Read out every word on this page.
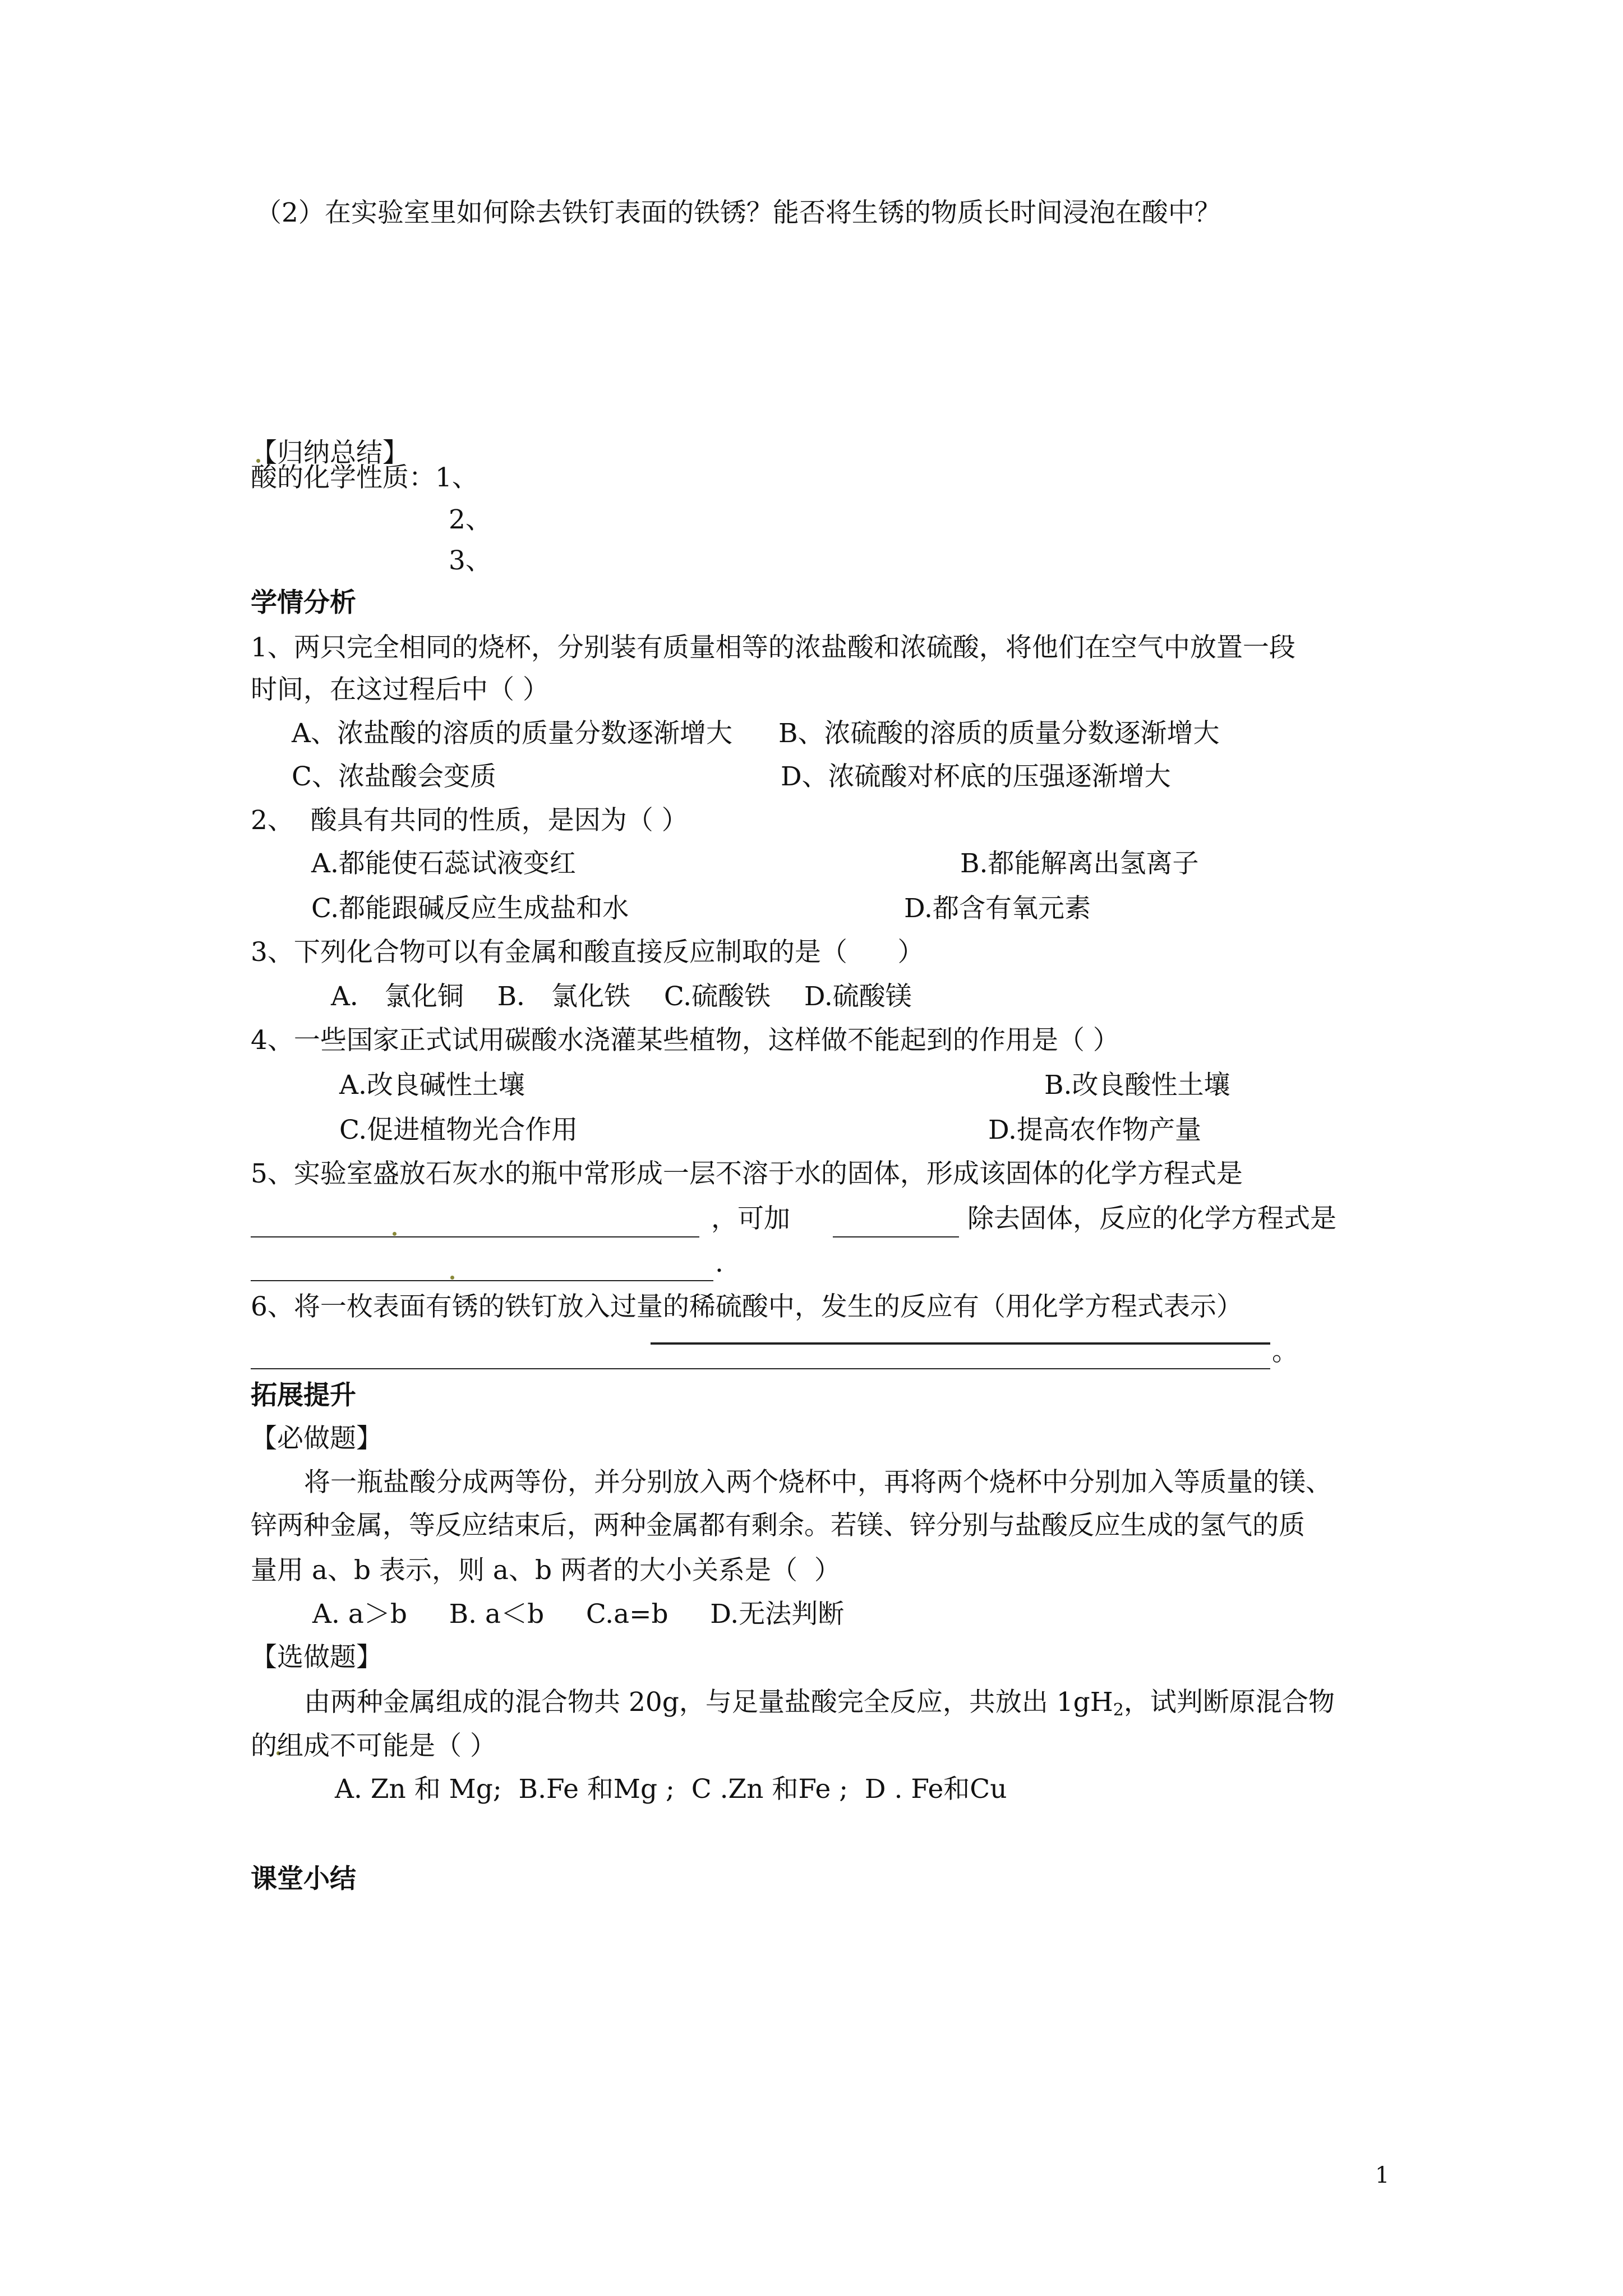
（2）在实验室里如何除去铁钉表面的铁锈？能否将生锈的物质长时间浸泡在酸中？
【归纳总结】
酸的化学性质：1、
2、
3、
学情分析
1、两只完全相同的烧杯，分别装有质量相等的浓盐酸和浓硫酸，将他们在空气中放置一段
时间，在这过程后中（ ）
A、浓盐酸的溶质的质量分数逐渐增大 B、浓硫酸的溶质的质量分数逐渐增大
C、浓盐酸会变质	D、浓硫酸对杯底的压强逐渐增大
2、  酸具有共同的性质，是因为（ ）
A.都能使石蕊试液变红	B.都能解离出氢离子
C.都能跟碱反应生成盐和水	D.都含有氧元素
3、下列化合物可以有金属和酸直接反应制取的是（      ）
A． 氯化铜    B． 氯化铁    C.硫酸铁    D.硫酸镁
4、一些国家正式试用碳酸水浇灌某些植物，这样做不能起到的作用是（ ）
A.改良碱性土壤	B.改良酸性土壤
C.促进植物光合作用	D.提高农作物产量
5、实验室盛放石灰水的瓶中常形成一层不溶于水的固体，形成该固体的化学方程式是
，可加	除去固体，反应的化学方程式是
.
6、将一枚表面有锈的铁钉放入过量的稀硫酸中，发生的反应有（用化学方程式表示）
。
拓展提升
【必做题】
将一瓶盐酸分成两等份，并分别放入两个烧杯中，再将两个烧杯中分别加入等质量的镁、
锌两种金属，等反应结束后，两种金属都有剩余。若镁、锌分别与盐酸反应生成的氢气的质
量用 a、b 表示，则 a、b 两者的大小关系是（  ）
A. a＞b     B. a＜b     C.a=b     D.无法判断
【选做题】
由两种金属组成的混合物共 20g，与足量盐酸完全反应，共放出 $1gH_2$，试判断原混合物
的组成不可能是（ ）
A. Zn 和 Mg;  B.Fe 和Mg ;  C .Zn 和Fe ;  D . Fe和Cu
课堂小结
1
